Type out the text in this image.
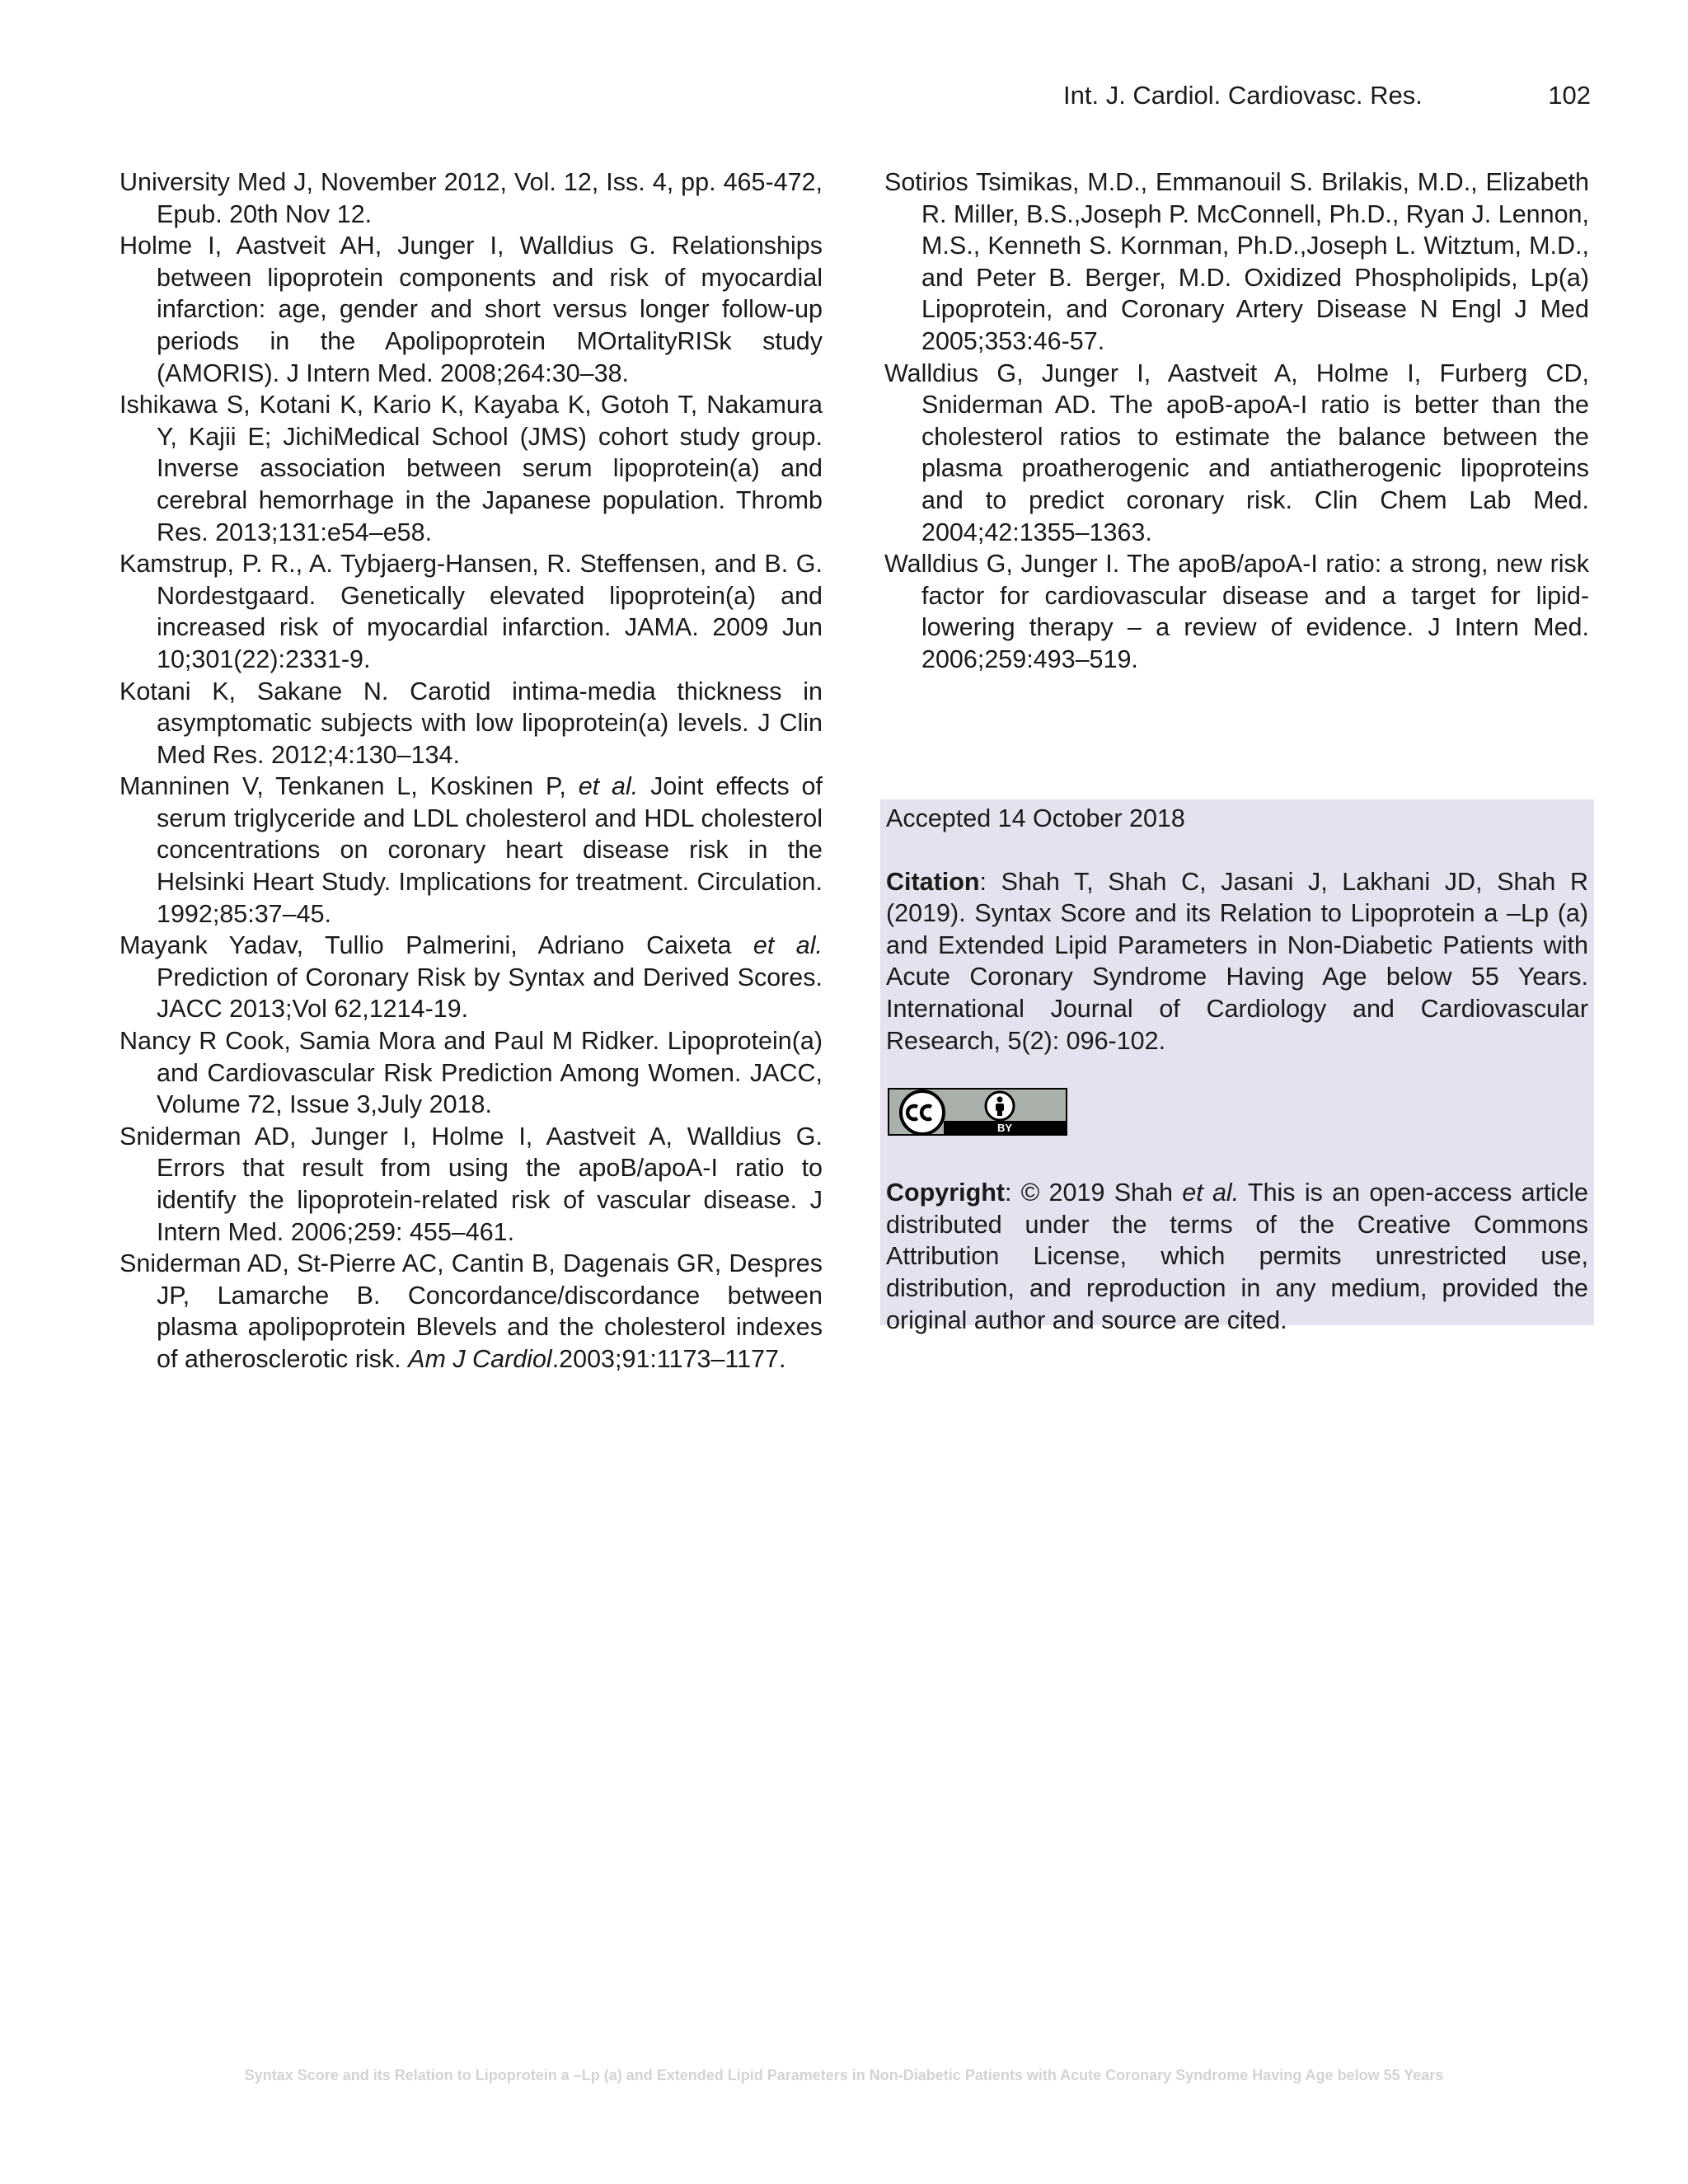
Int. J. Cardiol. Cardiovasc. Res.	102

University Med J, November 2012, Vol. 12, Iss. 4, pp. 465-472, Epub. 20th Nov 12.

Holme I, Aastveit AH, Junger I, Walldius G. Relationships between lipoprotein components and risk of myocardial infarction: age, gender and short versus longer follow-up periods in the Apolipoprotein MOrtalityRISk study (AMORIS). J Intern Med. 2008;264:30–38.

Ishikawa S, Kotani K, Kario K, Kayaba K, Gotoh T, Nakamura Y, Kajii E; JichiMedical School (JMS) cohort study group. Inverse association between serum lipoprotein(a) and cerebral hemorrhage in the Japanese population. Thromb Res. 2013;131:e54–e58.

Kamstrup, P. R., A. Tybjaerg-Hansen, R. Steffensen, and B. G. Nordestgaard. Genetically elevated lipoprotein(a) and increased risk of myocardial infarction. JAMA. 2009 Jun 10;301(22):2331-9.

Kotani K, Sakane N. Carotid intima-media thickness in asymptomatic subjects with low lipoprotein(a) levels. J Clin Med Res. 2012;4:130–134.

Manninen V, Tenkanen L, Koskinen P, et al. Joint effects of serum triglyceride and LDL cholesterol and HDL cholesterol concentrations on coronary heart disease risk in the Helsinki Heart Study. Implications for treatment. Circulation. 1992;85:37–45.

Mayank Yadav, Tullio Palmerini, Adriano Caixeta et al. Prediction of Coronary Risk by Syntax and Derived Scores. JACC 2013;Vol 62,1214-19.

Nancy R Cook, Samia Mora and Paul M Ridker. Lipoprotein(a) and Cardiovascular Risk Prediction Among Women. JACC, Volume 72, Issue 3,July 2018.

Sniderman AD, Junger I, Holme I, Aastveit A, Walldius G. Errors that result from using the apoB/apoA-I ratio to identify the lipoprotein-related risk of vascular disease. J Intern Med. 2006;259: 455–461.

Sniderman AD, St-Pierre AC, Cantin B, Dagenais GR, Despres JP, Lamarche B. Concordance/discordance between plasma apolipoprotein Blevels and the cholesterol indexes of atherosclerotic risk. Am J Cardiol.2003;91:1173–1177.

Sotirios Tsimikas, M.D., Emmanouil S. Brilakis, M.D., Elizabeth R. Miller, B.S.,Joseph P. McConnell, Ph.D., Ryan J. Lennon, M.S., Kenneth S. Kornman, Ph.D.,Joseph L. Witztum, M.D., and Peter B. Berger, M.D. Oxidized Phospholipids, Lp(a) Lipoprotein, and Coronary Artery Disease N Engl J Med 2005;353:46-57.

Walldius G, Junger I, Aastveit A, Holme I, Furberg CD, Sniderman AD. The apoB-apoA-I ratio is better than the cholesterol ratios to estimate the balance between the plasma proatherogenic and antiatherogenic lipoproteins and to predict coronary risk. Clin Chem Lab Med. 2004;42:1355–1363.

Walldius G, Junger I. The apoB/apoA-I ratio: a strong, new risk factor for cardiovascular disease and a target for lipid-lowering therapy – a review of evidence. J Intern Med. 2006;259:493–519.

Accepted 14 October 2018

Citation: Shah T, Shah C, Jasani J, Lakhani JD, Shah R (2019). Syntax Score and its Relation to Lipoprotein a –Lp (a) and Extended Lipid Parameters in Non-Diabetic Patients with Acute Coronary Syndrome Having Age below 55 Years. International Journal of Cardiology and Cardiovascular Research, 5(2): 096-102.

BY

Copyright: © 2019 Shah et al. This is an open-access article distributed under the terms of the Creative Commons Attribution License, which permits unrestricted use, distribution, and reproduction in any medium, provided the original author and source are cited.

Syntax Score and its Relation to Lipoprotein a –Lp (a) and Extended Lipid Parameters in Non-Diabetic Patients with Acute Coronary Syndrome Having Age below 55 Years
